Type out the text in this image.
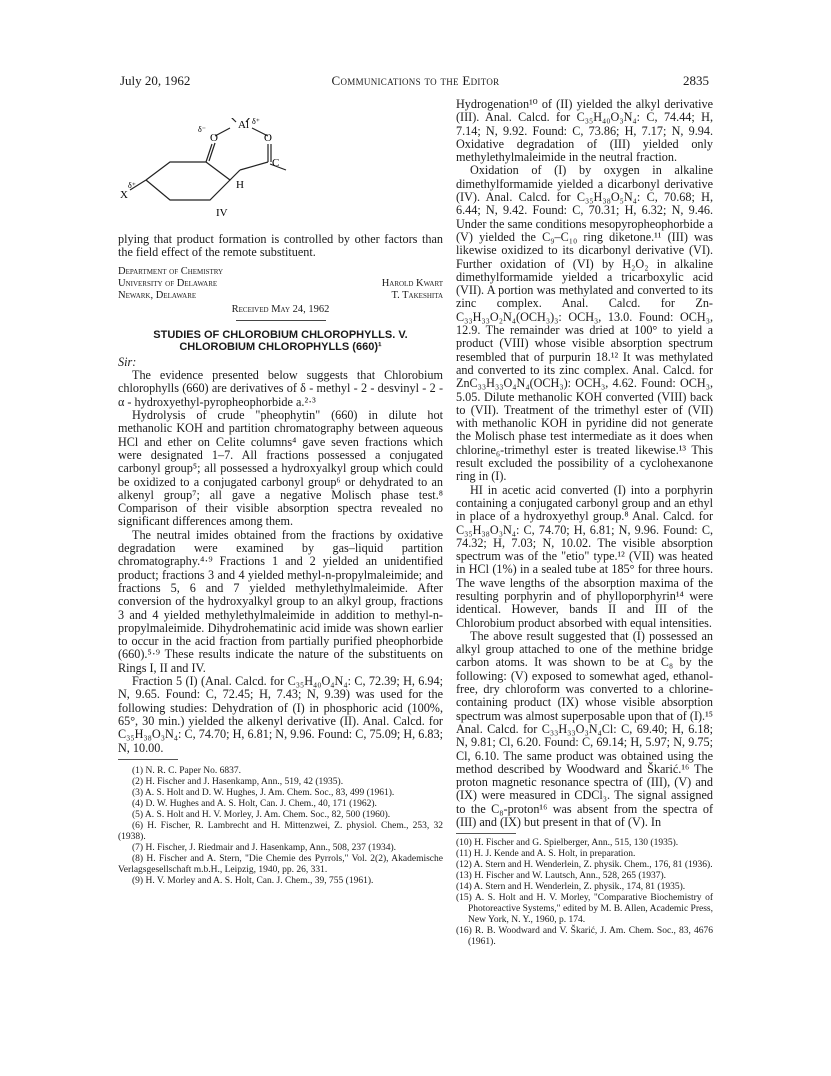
Communications to the Editor
July 20, 1962	2835
Al
O	O
C
H
X
δ⁻
δ⁺
δ⁺
IV

plying that product formation is controlled by other factors than the field effect of the remote substituent.

Department of Chemistry
University of Delaware	Harold Kwart
Newark, Delaware	T. Takeshita
Received May 24, 1962
STUDIES OF CHLOROBIUM CHLOROPHYLLS. V.
CHLOROBIUM CHLOROPHYLLS (660)¹

Sir:

The evidence presented below suggests that Chlorobium chlorophylls (660) are derivatives of δ - methyl - 2 - desvinyl - 2 - α - hydroxyethyl-pyropheophorbide a.²·³

Hydrolysis of crude "pheophytin" (660) in dilute hot methanolic KOH and partition chromatography between aqueous HCl and ether on Celite columns⁴ gave seven fractions which were designated 1–7. All fractions possessed a conjugated carbonyl group⁵; all possessed a hydroxyalkyl group which could be oxidized to a conjugated carbonyl group⁶ or dehydrated to an alkenyl group⁷; all gave a negative Molisch phase test.⁸ Comparison of their visible absorption spectra revealed no significant differences among them.

The neutral imides obtained from the fractions by oxidative degradation were examined by gas–liquid partition chromatography.⁴·⁹ Fractions 1 and 2 yielded an unidentified product; fractions 3 and 4 yielded methyl-n-propylmaleimide; and fractions 5, 6 and 7 yielded methylethylmaleimide. After conversion of the hydroxyalkyl group to an alkyl group, fractions 3 and 4 yielded methylethylmaleimide in addition to methyl-n-propylmaleimide. Dihydrohematinic acid imide was shown earlier to occur in the acid fraction from partially purified pheophorbide (660).⁵·⁹ These results indicate the nature of the substituents on Rings I, II and IV.

Fraction 5 (I) (Anal. Calcd. for C₃₅H₄₀O₄N₄: C, 72.39; H, 6.94; N, 9.65. Found: C, 72.45; H, 7.43; N, 9.39) was used for the following studies: Dehydration of (I) in phosphoric acid (100%, 65°, 30 min.) yielded the alkenyl derivative (II). Anal. Calcd. for C₃₅H₃₈O₃N₄: C, 74.70; H, 6.81; N, 9.96. Found: C, 75.09; H, 6.83; N, 10.00.

(1) N. R. C. Paper No. 6837.

(2) H. Fischer and J. Hasenkamp, Ann., 519, 42 (1935).

(3) A. S. Holt and D. W. Hughes, J. Am. Chem. Soc., 83, 499 (1961).

(4) D. W. Hughes and A. S. Holt, Can. J. Chem., 40, 171 (1962).

(5) A. S. Holt and H. V. Morley, J. Am. Chem. Soc., 82, 500 (1960).

(6) H. Fischer, R. Lambrecht and H. Mittenzwei, Z. physiol. Chem., 253, 32 (1938).

(7) H. Fischer, J. Riedmair and J. Hasenkamp, Ann., 508, 237 (1934).

(8) H. Fischer and A. Stern, "Die Chemie des Pyrrols," Vol. 2(2), Akademische Verlagsgesellschaft m.b.H., Leipzig, 1940, pp. 26, 331.

(9) H. V. Morley and A. S. Holt, Can. J. Chem., 39, 755 (1961).

Hydrogenation¹⁰ of (II) yielded the alkyl derivative (III). Anal. Calcd. for C₃₅H₄₀O₃N₄: C, 74.44; H, 7.14; N, 9.92. Found: C, 73.86; H, 7.17; N, 9.94. Oxidative degradation of (III) yielded only methylethylmaleimide in the neutral fraction.

Oxidation of (I) by oxygen in alkaline dimethylformamide yielded a dicarbonyl derivative (IV). Anal. Calcd. for C₃₅H₃₈O₅N₄: C, 70.68; H, 6.44; N, 9.42. Found: C, 70.31; H, 6.32; N, 9.46. Under the same conditions mesopyropheophorbide a (V) yielded the C₉–C₁₀ ring diketone.¹¹ (III) was likewise oxidized to its dicarbonyl derivative (VI). Further oxidation of (VI) by H₂O₂ in alkaline dimethylformamide yielded a tricarboxylic acid (VII). A portion was methylated and converted to its zinc complex. Anal. Calcd. for Zn-C₃₃H₃₃O₂N₄(OCH₃)₃: OCH₃, 13.0. Found: OCH₃, 12.9. The remainder was dried at 100° to yield a product (VIII) whose visible absorption spectrum resembled that of purpurin 18.¹² It was methylated and converted to its zinc complex. Anal. Calcd. for ZnC₃₃H₃₃O₄N₄(OCH₃): OCH₃, 4.62. Found: OCH₃, 5.05. Dilute methanolic KOH converted (VIII) back to (VII). Treatment of the trimethyl ester of (VII) with methanolic KOH in pyridine did not generate the Molisch phase test intermediate as it does when chlorine₆-trimethyl ester is treated likewise.¹³ This result excluded the possibility of a cyclohexanone ring in (I).

HI in acetic acid converted (I) into a porphyrin containing a conjugated carbonyl group and an ethyl in place of a hydroxyethyl group.⁸ Anal. Calcd. for C₃₅H₃₈O₃N₄: C, 74.70; H, 6.81; N, 9.96. Found: C, 74.32; H, 7.03; N, 10.02. The visible absorption spectrum was of the "etio" type.¹² (VII) was heated in HCl (1%) in a sealed tube at 185° for three hours. The wave lengths of the absorption maxima of the resulting porphyrin and of phylloporphyrin¹⁴ were identical. However, bands II and III of the Chlorobium product absorbed with equal intensities.

The above result suggested that (I) possessed an alkyl group attached to one of the methine bridge carbon atoms. It was shown to be at C₈ by the following: (V) exposed to somewhat aged, ethanol-free, dry chloroform was converted to a chlorine-containing product (IX) whose visible absorption spectrum was almost superposable upon that of (I).¹⁵ Anal. Calcd. for C₃₃H₃₃O₃N₄Cl: C, 69.40; H, 6.18; N, 9.81; Cl, 6.20. Found: C, 69.14; H, 5.97; N, 9.75; Cl, 6.10. The same product was obtained using the method described by Woodward and Škarić.¹⁶ The proton magnetic resonance spectra of (III), (V) and (IX) were measured in CDCl₃. The signal assigned to the C₈-proton¹⁶ was absent from the spectra of (III) and (IX) but present in that of (V). In

(10) H. Fischer and G. Spielberger, Ann., 515, 130 (1935).

(11) H. J. Kende and A. S. Holt, in preparation.

(12) A. Stern and H. Wenderlein, Z. physik. Chem., 176, 81 (1936).

(13) H. Fischer and W. Lautsch, Ann., 528, 265 (1937).

(14) A. Stern and H. Wenderlein, Z. physik., 174, 81 (1935).

(15) A. S. Holt and H. V. Morley, "Comparative Biochemistry of Photoreactive Systems," edited by M. B. Allen, Academic Press, New York, N. Y., 1960, p. 174.

(16) R. B. Woodward and V. Škarić, J. Am. Chem. Soc., 83, 4676 (1961).
